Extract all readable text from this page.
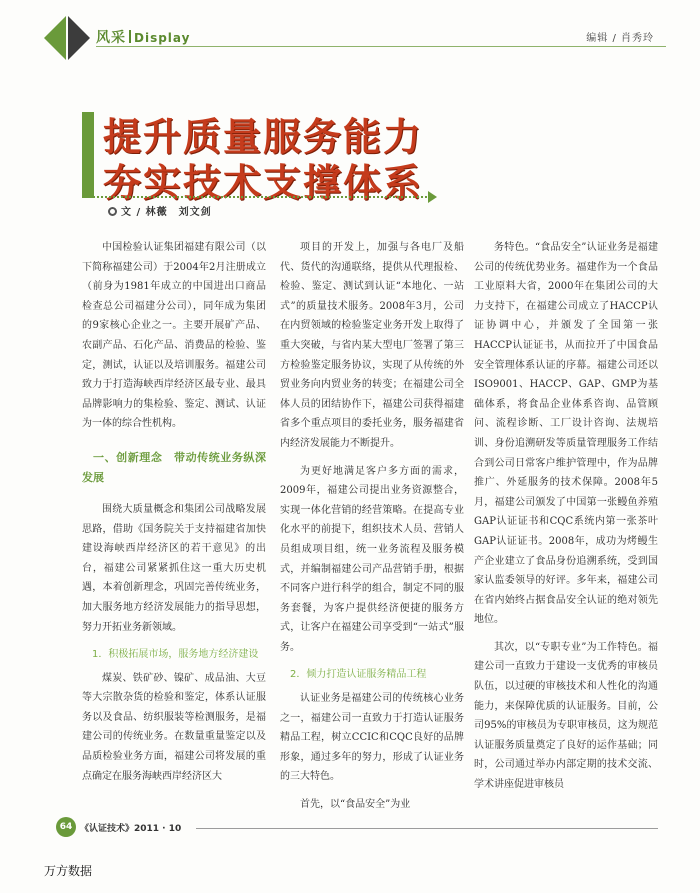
风采 Display	编辑 / 肖秀玲
提升质量服务能力
夯实技术支撑体系
文 / 林薇　刘文剑

中国检验认证集团福建有限公司（以下简称福建公司）于2004年2月注册成立（前身为1981年成立的中国进出口商品检查总公司福建分公司），同年成为集团的9家核心企业之一。主要开展矿产品、农副产品、石化产品、消费品的检验、鉴定，测试，认证以及培训服务。福建公司致力于打造海峡西岸经济区最专业、最具品牌影响力的集检验、鉴定、测试、认证为一体的综合性机构。

一、创新理念　带动传统业务纵深发展

围绕大质量概念和集团公司战略发展思路，借助《国务院关于支持福建省加快建设海峡西岸经济区的若干意见》的出台，福建公司紧紧抓住这一重大历史机遇，本着创新理念，巩固完善传统业务，加大服务地方经济发展能力的指导思想，努力开拓业务新领域。

1．积极拓展市场，服务地方经济建设

煤炭、铁矿砂、镍矿、成品油、大豆等大宗散杂货的检验和鉴定，体系认证服务以及食品、纺织服装等检测服务，是福建公司的传统业务。在数量重量鉴定以及品质检验业务方面，福建公司将发展的重点确定在服务海峡西岸经济区大

项目的开发上，加强与各电厂及船代、货代的沟通联络，提供从代理报检、检验、鉴定、测试到认证“本地化、一站式”的质量技术服务。2008年3月，公司在内贸领域的检验鉴定业务开发上取得了重大突破，与省内某大型电厂签署了第三方检验鉴定服务协议，实现了从传统的外贸业务向内贸业务的转变；在福建公司全体人员的团结协作下，福建公司获得福建省多个重点项目的委托业务，服务福建省内经济发展能力不断提升。

为更好地满足客户多方面的需求，2009年，福建公司提出业务资源整合，实现一体化营销的经营策略。在提高专业化水平的前提下，组织技术人员、营销人员组成项目组，统一业务流程及服务模式，并编制福建公司产品营销手册，根据不同客户进行科学的组合，制定不同的服务套餐，为客户提供经济便捷的服务方式，让客户在福建公司享受到“一站式”服务。

2．倾力打造认证服务精品工程

认证业务是福建公司的传统核心业务之一，福建公司一直致力于打造认证服务精品工程，树立CCIC和CQC良好的品牌形象，通过多年的努力，形成了认证业务的三大特色。

首先，以“食品安全”为业

务特色。“食品安全”认证业务是福建公司的传统优势业务。福建作为一个食品工业原料大省，2000年在集团公司的大力支持下，在福建公司成立了HACCP认证协调中心，并颁发了全国第一张HACCP认证证书，从而拉开了中国食品安全管理体系认证的序幕。福建公司还以ISO9001、HACCP、GAP、GMP为基础体系，将食品企业体系咨询、品管顾问、流程诊断、工厂设计咨询、法规培训、身份追溯研发等质量管理服务工作结合到公司日常客户维护管理中，作为品牌推广、外延服务的技术保障。2008年5月，福建公司颁发了中国第一张鳗鱼养殖GAP认证证书和CQC系统内第一张茶叶GAP认证证书。2008年，成功为烤鳗生产企业建立了食品身份追溯系统，受到国家认监委领导的好评。多年来，福建公司在省内始终占据食品安全认证的绝对领先地位。

其次，以“专职专业”为工作特色。福建公司一直致力于建设一支优秀的审核员队伍，以过硬的审核技术和人性化的沟通能力，来保障优质的认证服务。目前，公司95%的审核员为专职审核员，这为规范认证服务质量奠定了良好的运作基础；同时，公司通过举办内部定期的技术交流、学术讲座促进审核员

64 《认证技术》2011 · 10
万方数据
